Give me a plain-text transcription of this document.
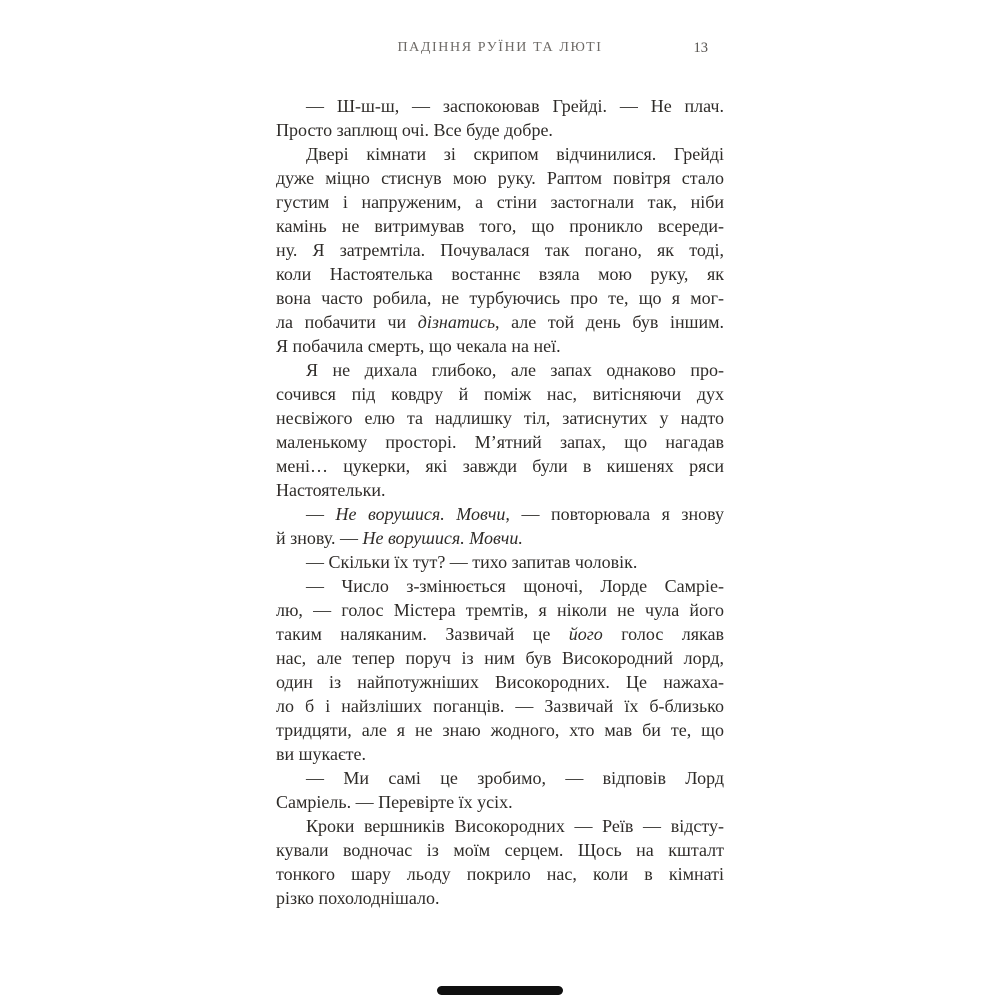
ПАДІННЯ РУЇНИ ТА ЛЮТІ	13

— Ш-ш-ш, — заспокоював Грейді. — Не плач.
Просто заплющ очі. Все буде добре.

Двері кімнати зі скрипом відчинилися. Грейді
дуже міцно стиснув мою руку. Раптом повітря стало
густим і напруженим, а стіни застогнали так, ніби
камінь не витримував того, що проникло всереди-
ну. Я затремтіла. Почувалася так погано, як тоді,
коли Настоятелька востаннє взяла мою руку, як
вона часто робила, не турбуючись про те, що я мог-
ла побачити чи дізнатись, але той день був іншим.
Я побачила смерть, що чекала на неї.

Я не дихала глибоко, але запах однаково про-
сочився під ковдру й поміж нас, витісняючи дух
несвіжого елю та надлишку тіл, затиснутих у надто
маленькому просторі. М’ятний запах, що нагадав
мені… цукерки, які завжди були в кишенях ряси
Настоятельки.

— Не ворушися. Мовчи, — повторювала я знову
й знову. — Не ворушися. Мовчи.

— Скільки їх тут? — тихо запитав чоловік.

— Число з-змінюється щоночі, Лорде Самріе-
лю, — голос Містера тремтів, я ніколи не чула його
таким наляканим. Зазвичай це його голос лякав
нас, але тепер поруч із ним був Високородний лорд,
один із найпотужніших Високородних. Це нажаха-
ло б і найзліших поганців. — Зазвичай їх б-близько
тридцяти, але я не знаю жодного, хто мав би те, що
ви шукаєте.

— Ми самі це зробимо, — відповів Лорд
Самріель. — Перевірте їх усіх.

Кроки вершників Високородних — Реїв — відсту-
кували водночас із моїм серцем. Щось на кшталт
тонкого шару льоду покрило нас, коли в кімнаті
різко похолоднішало.
